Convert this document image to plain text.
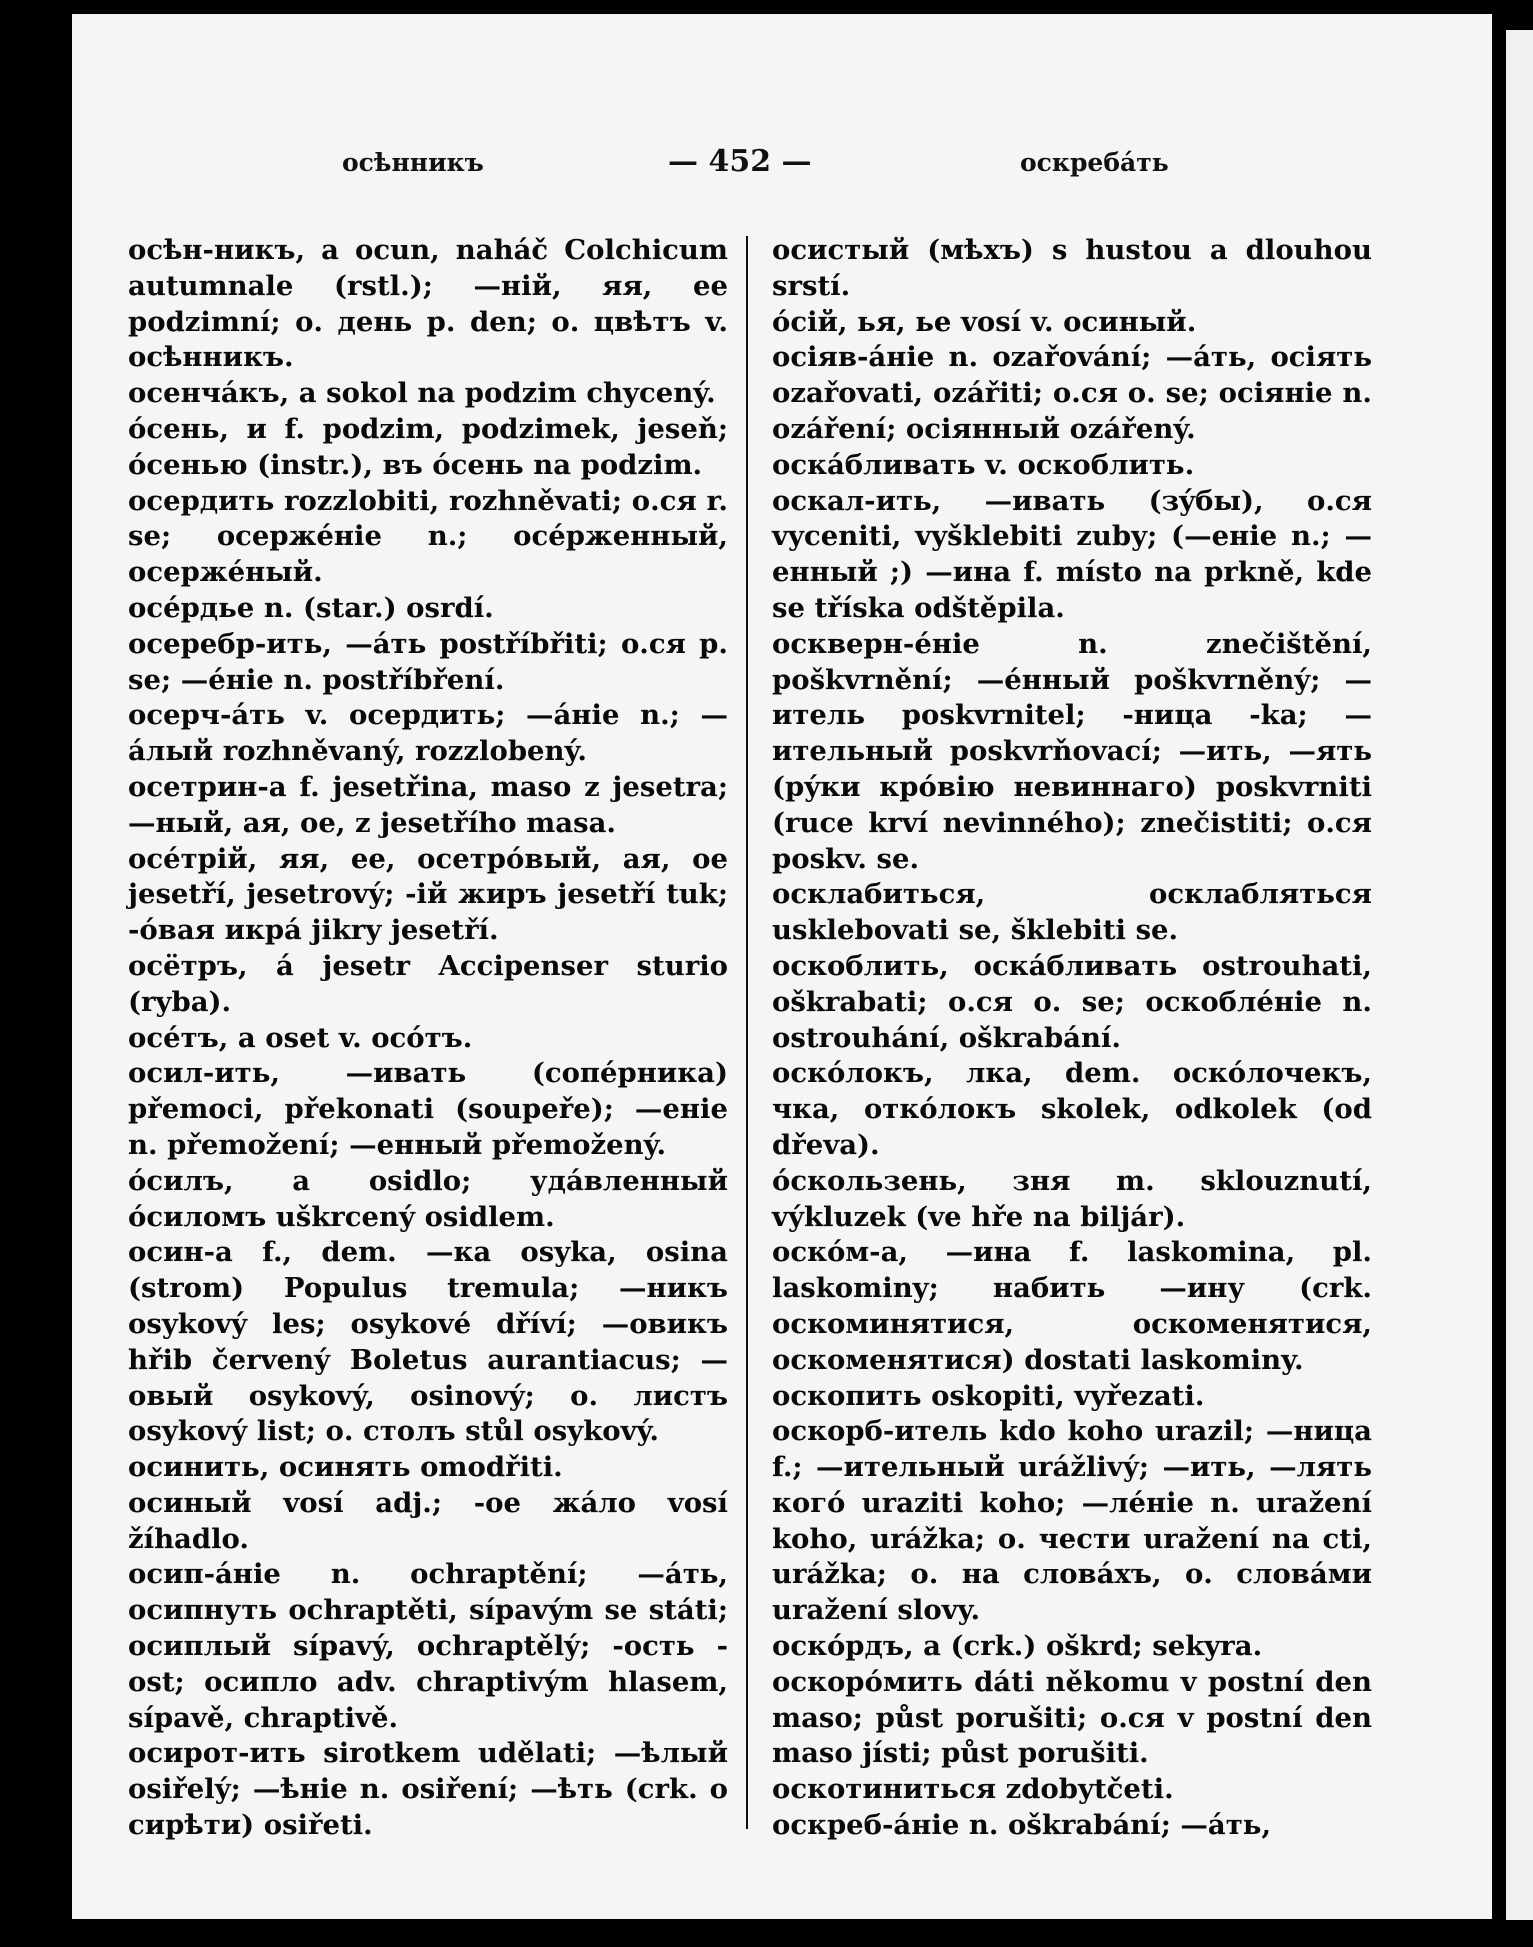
осѣнникъ	— 452 —	оскребáть

осѣн-никъ, а ocun, naháč Colchicum autumnale (rstl.); —ній, яя, ее podzimní; о. день p. den; о. цвѣтъ v. осѣнникъ.

осенчáкъ, а sokol na podzim chycený.

óсень, и f. podzim, podzimek, jeseň; óсенью (instr.), въ óсень na podzim.

осердить rozzlobiti, rozhněvati; о.ся r. se; осержéніе n.; осéрженный, осержéный.

осéрдье n. (star.) osrdí.

осеребр-ить, —áть postříbřiti; о.ся p. se; —éніе n. postříbření.

осерч-áть v. осердить; —áніе n.; —áлый rozhněvaný, rozzlobený.

осетрин-а f. jesetřina, maso z jesetra; —ный, ая, ое, z jesetřího masa.

осéтрій, яя, ее, осетрóвый, ая, ое jesetří, jesetrový; -ій жиръ jesetří tuk; -óвая икрá jikry jesetří.

осётръ, á jesetr Accipenser sturio (ryba).

осéтъ, а oset v. осóтъ.

осил-ить, —ивать (сопéрника) přemoci, překonati (soupeře); —еніе n. přemožení; —енный přemožený.

óсилъ, а osidlo; удáвленный óсиломъ uškrcený osidlem.

осин-а f., dem. —ка osyka, osina (strom) Populus tremula; —никъ osykový les; osykové dříví; —овикъ hřib červený Boletus aurantiacus; —овый osykový, osinový; о. листъ osykový list; о. столъ stůl osykový.

осинить, осинять omodřiti.

осиный vosí adj.; -ое жáло vosí žíhadlo.

осип-áніе n. ochraptění; —áть, осипнуть ochraptěti, sípavým se státi; осиплый sípavý, ochraptělý; -ость -ost; осипло adv. chraptivým hlasem, sípavě, chraptivě.

осирот-ить sirotkem udělati; —ѣлый osiřelý; —ѣніе n. osiření; —ѣть (crk. о сирѣти) osiřeti.

осистый (мѣхъ) s hustou a dlouhou srstí.

óсій, ья, ье vosí v. осиный.

осіяв-áніе n. ozařování; —áть, осіять ozařovati, ozářiti; о.ся о. se; осіяніе n. ozáření; осіянный ozářený.

оскáбливать v. оскоблить.

оскал-ить, —ивать (зýбы), о.ся vyceniti, vyšklebiti zuby; (—еніе n.; —енный ;) —ина f. místo na prkně, kde se tříska odštěpila.

оскверн-éніе n. znečištění, poškvrnění; —éнный poškvrněný; —итель poskvrnitel; -ница -ka; —ительный poskvrňovací; —ить, —ять (рýки крóвію невиннаго) poskvrniti (ruce krví nevinného); znečistiti; о.ся poskv. se.

осклабиться, осклабляться usklebovati se, šklebiti se.

оскоблить, оскáбливать ostrouhati, oškrabati; о.ся о. se; оскоблéніе n. ostrouhání, oškrabání.

оскóлокъ, лка, dem. оскóлочекъ, чка, откóлокъ skolek, odkolek (od dřeva).

óскользень, зня m. sklouznutí, výkluzek (ve hře na biljár).

оскóм-а, —ина f. laskomina, pl. laskominy; набить —ину (crk. оскоминятися, оскоменятися, оскоменятися) dostati laskominy.

оскопить oskopiti, vyřezati.

оскорб-итель kdo koho urazil; —ница f.; —ительный urážlivý; —ить, —лять когó uraziti koho; —лéніе n. uražení koho, urážka; о. чести uražení na cti, urážka; о. на словáхъ, о. словáми uražení slovy.

оскóрдъ, а (crk.) oškrd; sekyra.

оскорóмить dáti někomu v postní den maso; půst porušiti; о.ся v postní den maso jísti; půst porušiti.

оскотиниться zdobytčeti.

оскреб-áніе n. oškrabání; —áть,
